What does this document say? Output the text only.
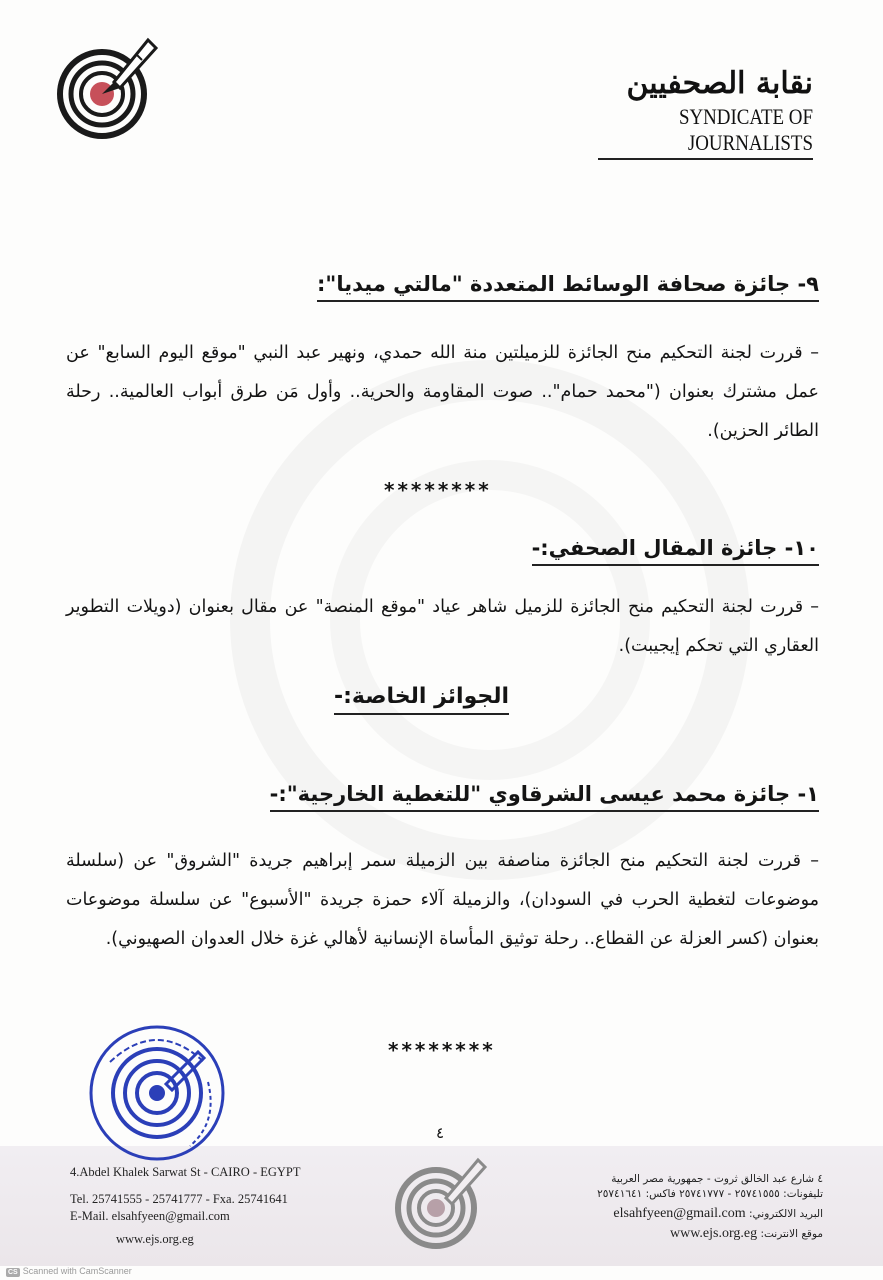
نقابة الصحفيين
SYNDICATE OF JOURNALISTS
٩- جائزة صحافة الوسائط المتعددة "مالتي ميديا":
– قررت لجنة التحكيم منح الجائزة للزميلتين منة الله حمدي، ونهير عبد النبي "موقع اليوم السابع" عن عمل مشترك بعنوان ("محمد حمام".. صوت المقاومة والحرية.. وأول مَن طرق أبواب العالمية.. رحلة الطائر الحزين).
********
١٠- جائزة المقال الصحفي:-
– قررت لجنة التحكيم منح الجائزة للزميل شاهر عياد "موقع المنصة" عن مقال بعنوان (دويلات التطوير العقاري التي تحكم إيجيبت).
الجوائز الخاصة:-
١- جائزة محمد عيسى الشرقاوي "للتغطية الخارجية":-
– قررت لجنة التحكيم منح الجائزة مناصفة بين الزميلة سمر إبراهيم جريدة "الشروق" عن (سلسلة موضوعات لتغطية الحرب في السودان)، والزميلة آلاء حمزة جريدة "الأسبوع" عن سلسلة موضوعات بعنوان (كسر العزلة عن القطاع.. رحلة توثيق المأساة الإنسانية لأهالي غزة خلال العدوان الصهيوني).
********
٤
4.Abdel Khalek Sarwat St - CAIRO - EGYPT
Tel. 25741555 - 25741777 - Fxa. 25741641
E-Mail. elsahfyeen@gmail.com
www.ejs.org.eg
٤ شارع عبد الخالق ثروت - جمهورية مصر العربية
تليفونات: ٢٥٧٤١٥٥٥ - ٢٥٧٤١٧٧٧ فاكس: ٢٥٧٤١٦٤١
البريد الالكتروني: elsahfyeen@gmail.com
موقع الانترنت: www.ejs.org.eg
CS Scanned with CamScanner
